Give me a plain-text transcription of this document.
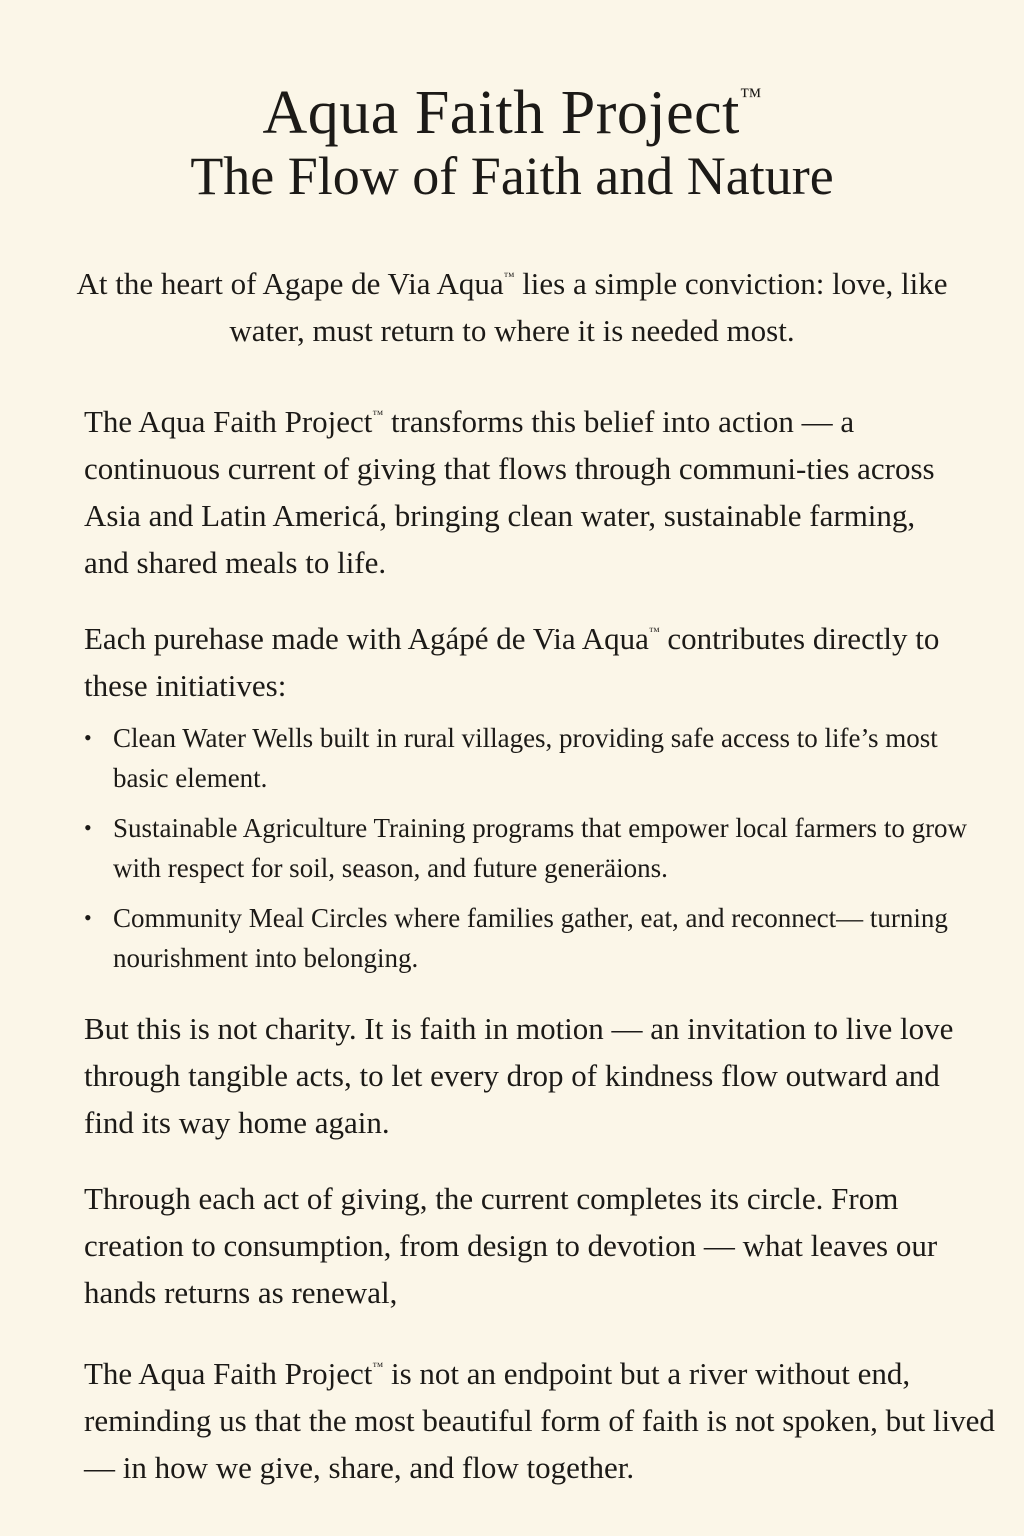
Aqua Faith Project™
The Flow of Faith and Nature

At the heart of Agape de Via Aqua™ lies a simple conviction: love, like water, must return to where it is needed most.

The Aqua Faith Project™ transforms this belief into action — a continuous current of giving that flows through communi-ties across Asia and Latin Americá, bringing clean water, sustainable farming, and shared meals to life.

Each purehase made with Agápé de Via Aqua™ contributes directly to these initiatives:

• Clean Water Wells built in rural villages, providing safe access to life’s most basic element.
• Sustainable Agriculture Training programs that empower local farmers to grow with respect for soil, season, and future generäions.
• Community Meal Circles where families gather, eat, and reconnect— turning nourishment into belonging.

But this is not charity. It is faith in motion — an invitation to live love through tangible acts, to let every drop of kindness flow outward and find its way home again.

Through each act of giving, the current completes its circle. From creation to consumption, from design to devotion — what leaves our hands returns as renewal,

The Aqua Faith Project™ is not an endpoint but a river without end, reminding us that the most beautiful form of faith is not spoken, but lived — in how we give, share, and flow together.
